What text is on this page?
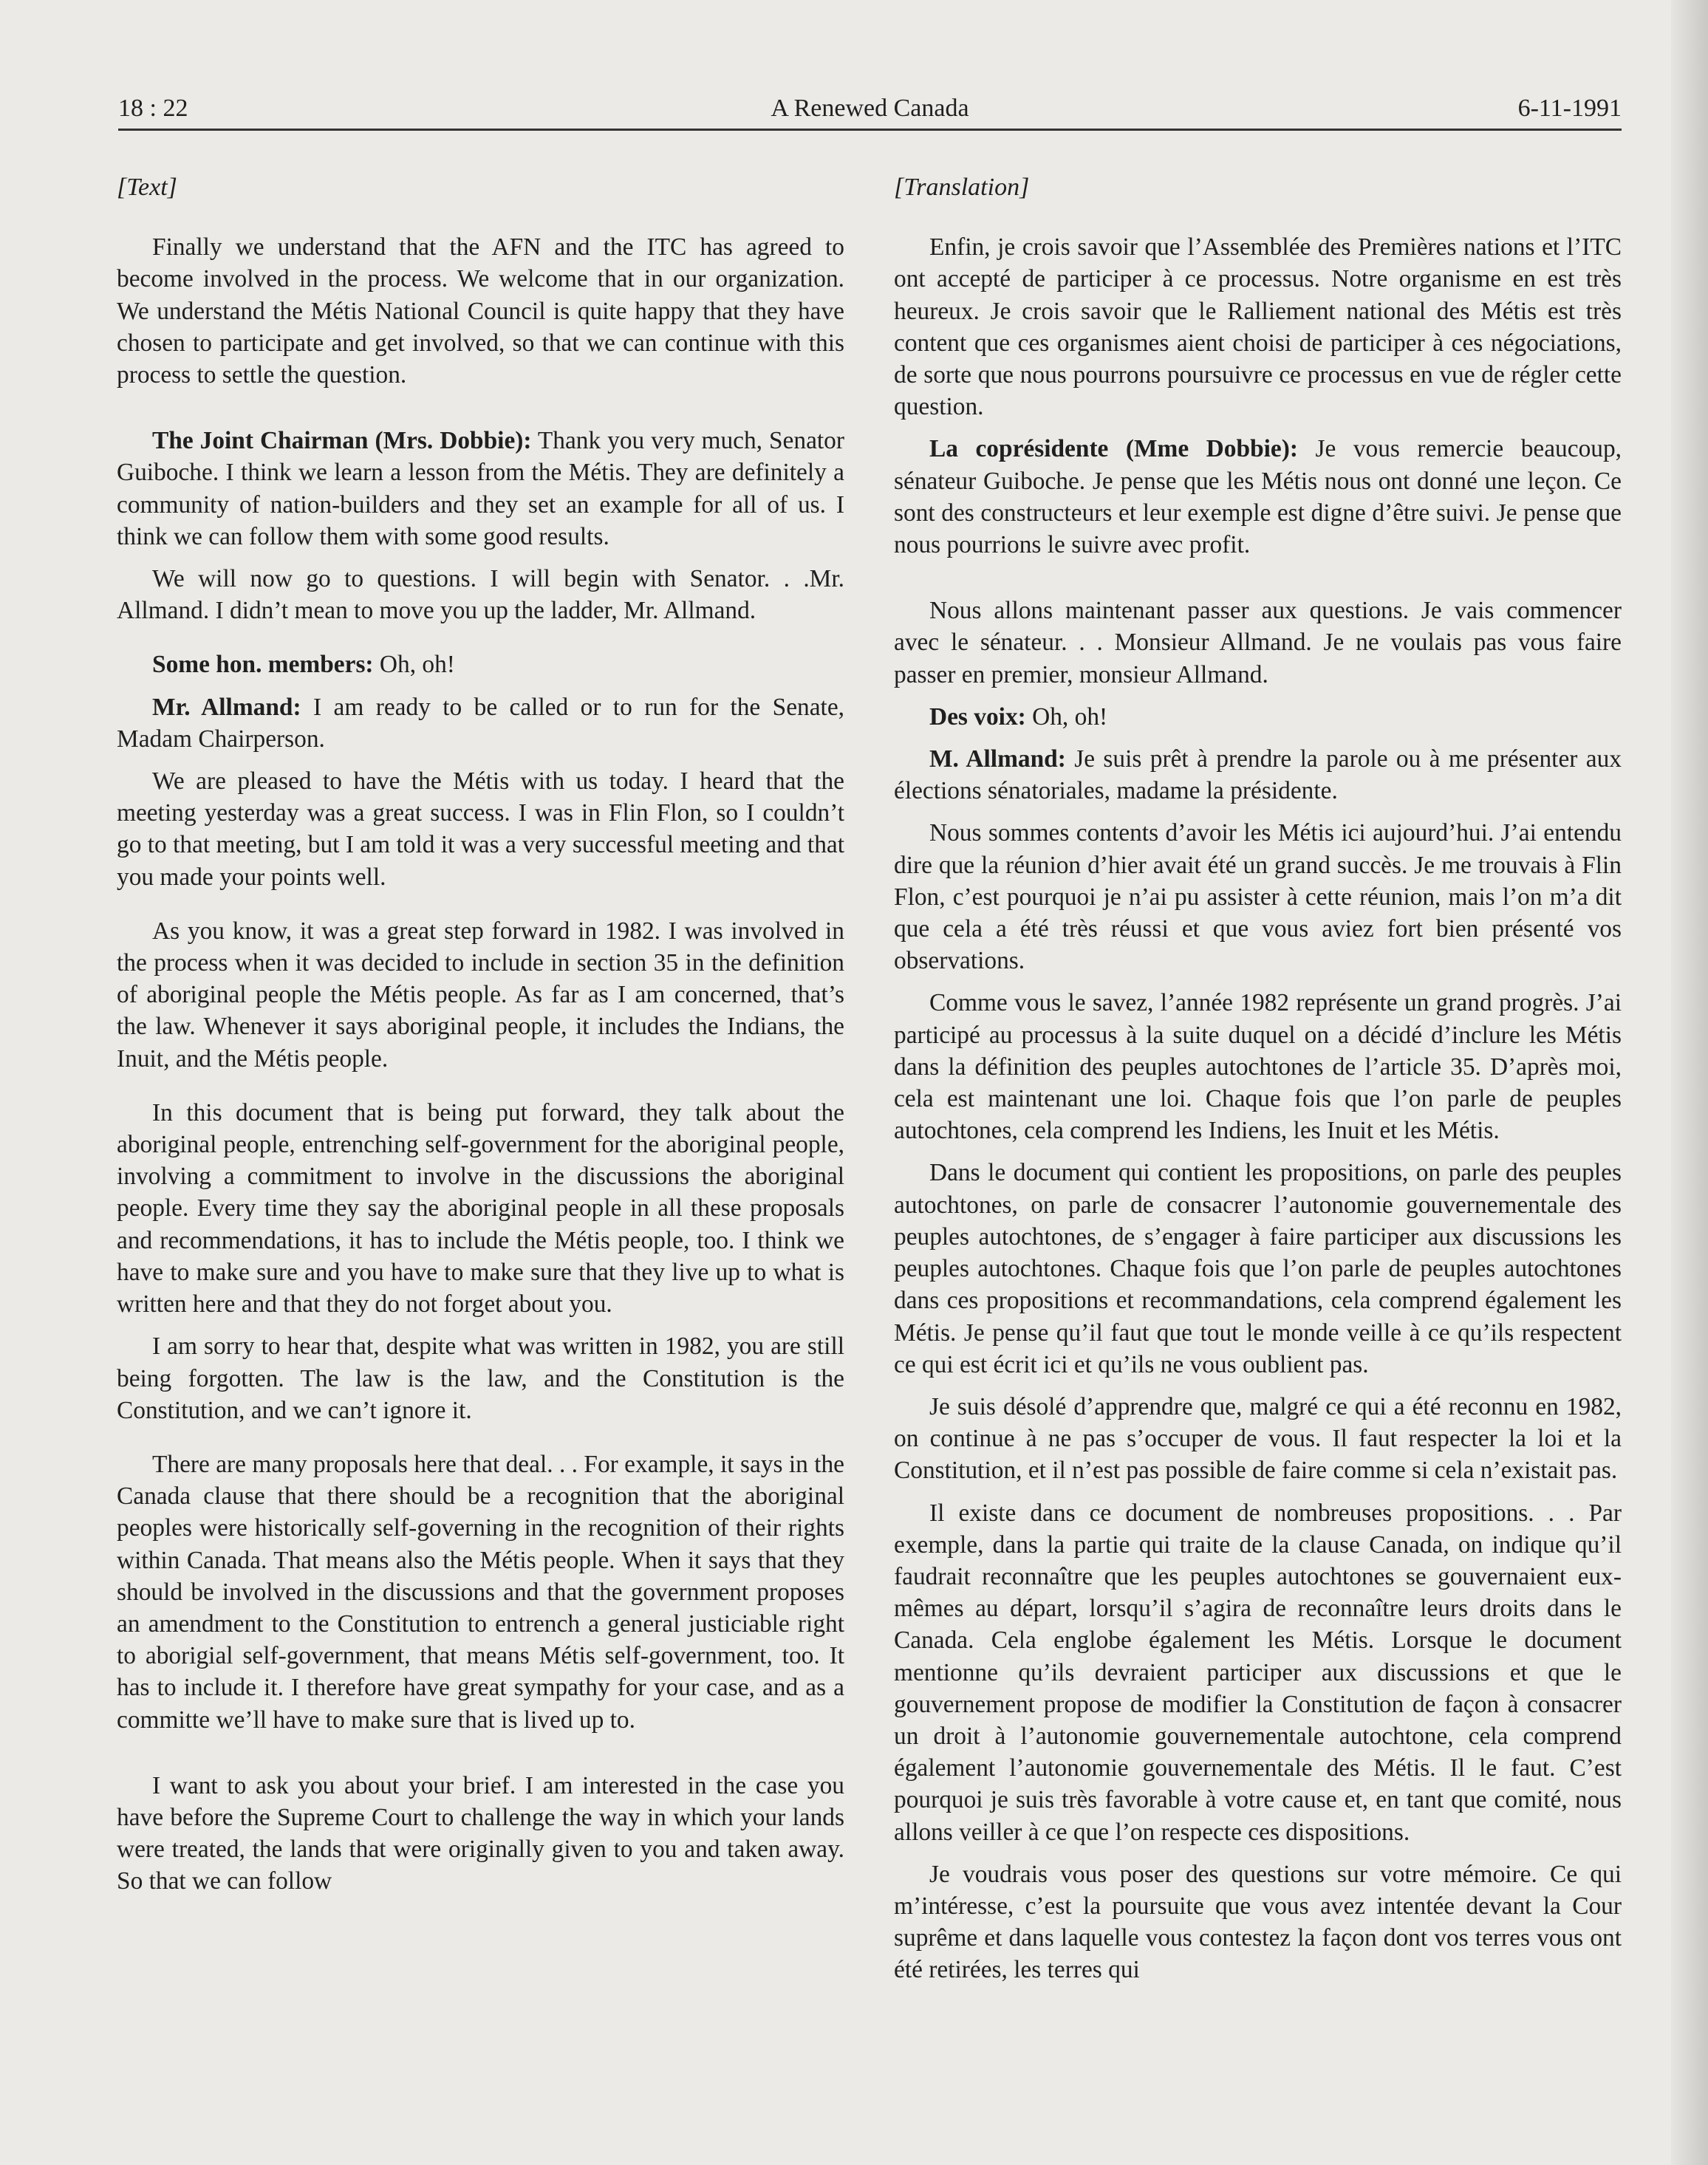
18 : 22	A Renewed Canada	6-11-1991
[Text]

Finally we understand that the AFN and the ITC has agreed to become involved in the process. We welcome that in our organization. We understand the Métis National Council is quite happy that they have chosen to participate and get involved, so that we can continue with this process to settle the question.

The Joint Chairman (Mrs. Dobbie): Thank you very much, Senator Guiboche. I think we learn a lesson from the Métis. They are definitely a community of nation-builders and they set an example for all of us. I think we can follow them with some good results.

We will now go to questions. I will begin with Senator. . .Mr. Allmand. I didn’t mean to move you up the ladder, Mr. Allmand.

Some hon. members: Oh, oh!

Mr. Allmand: I am ready to be called or to run for the Senate, Madam Chairperson.

We are pleased to have the Métis with us today. I heard that the meeting yesterday was a great success. I was in Flin Flon, so I couldn’t go to that meeting, but I am told it was a very successful meeting and that you made your points well.

As you know, it was a great step forward in 1982. I was involved in the process when it was decided to include in section 35 in the definition of aboriginal people the Métis people. As far as I am concerned, that’s the law. Whenever it says aboriginal people, it includes the Indians, the Inuit, and the Métis people.

In this document that is being put forward, they talk about the aboriginal people, entrenching self-government for the aboriginal people, involving a commitment to involve in the discussions the aboriginal people. Every time they say the aboriginal people in all these proposals and recommendations, it has to include the Métis people, too. I think we have to make sure and you have to make sure that they live up to what is written here and that they do not forget about you.

I am sorry to hear that, despite what was written in 1982, you are still being forgotten. The law is the law, and the Constitution is the Constitution, and we can’t ignore it.

There are many proposals here that deal. . . For example, it says in the Canada clause that there should be a recognition that the aboriginal peoples were historically self-governing in the recognition of their rights within Canada. That means also the Métis people. When it says that they should be involved in the discussions and that the government proposes an amendment to the Constitution to entrench a general justiciable right to aborigial self-government, that means Métis self-government, too. It has to include it. I therefore have great sympathy for your case, and as a committe we’ll have to make sure that is lived up to.

I want to ask you about your brief. I am interested in the case you have before the Supreme Court to challenge the way in which your lands were treated, the lands that were originally given to you and taken away. So that we can follow

[Translation]

Enfin, je crois savoir que l’Assemblée des Premières nations et l’ITC ont accepté de participer à ce processus. Notre organisme en est très heureux. Je crois savoir que le Ralliement national des Métis est très content que ces organismes aient choisi de participer à ces négociations, de sorte que nous pourrons poursuivre ce processus en vue de régler cette question.

La coprésidente (Mme Dobbie): Je vous remercie beaucoup, sénateur Guiboche. Je pense que les Métis nous ont donné une leçon. Ce sont des constructeurs et leur exemple est digne d’être suivi. Je pense que nous pourrions le suivre avec profit.

Nous allons maintenant passer aux questions. Je vais commencer avec le sénateur. . . Monsieur Allmand. Je ne voulais pas vous faire passer en premier, monsieur Allmand.

Des voix: Oh, oh!

M. Allmand: Je suis prêt à prendre la parole ou à me présenter aux élections sénatoriales, madame la présidente.

Nous sommes contents d’avoir les Métis ici aujourd’hui. J’ai entendu dire que la réunion d’hier avait été un grand succès. Je me trouvais à Flin Flon, c’est pourquoi je n’ai pu assister à cette réunion, mais l’on m’a dit que cela a été très réussi et que vous aviez fort bien présenté vos observations.

Comme vous le savez, l’année 1982 représente un grand progrès. J’ai participé au processus à la suite duquel on a décidé d’inclure les Métis dans la définition des peuples autochtones de l’article 35. D’après moi, cela est maintenant une loi. Chaque fois que l’on parle de peuples autochtones, cela comprend les Indiens, les Inuit et les Métis.

Dans le document qui contient les propositions, on parle des peuples autochtones, on parle de consacrer l’autonomie gouvernementale des peuples autochtones, de s’engager à faire participer aux discussions les peuples autochtones. Chaque fois que l’on parle de peuples autochtones dans ces propositions et recommandations, cela comprend également les Métis. Je pense qu’il faut que tout le monde veille à ce qu’ils respectent ce qui est écrit ici et qu’ils ne vous oublient pas.

Je suis désolé d’apprendre que, malgré ce qui a été reconnu en 1982, on continue à ne pas s’occuper de vous. Il faut respecter la loi et la Constitution, et il n’est pas possible de faire comme si cela n’existait pas.

Il existe dans ce document de nombreuses propositions. . . Par exemple, dans la partie qui traite de la clause Canada, on indique qu’il faudrait reconnaître que les peuples autochtones se gouvernaient eux-mêmes au départ, lorsqu’il s’agira de reconnaître leurs droits dans le Canada. Cela englobe également les Métis. Lorsque le document mentionne qu’ils devraient participer aux discussions et que le gouvernement propose de modifier la Constitution de façon à consacrer un droit à l’autonomie gouvernementale autochtone, cela comprend également l’autonomie gouvernementale des Métis. Il le faut. C’est pourquoi je suis très favorable à votre cause et, en tant que comité, nous allons veiller à ce que l’on respecte ces dispositions.

Je voudrais vous poser des questions sur votre mémoire. Ce qui m’intéresse, c’est la poursuite que vous avez intentée devant la Cour suprême et dans laquelle vous contestez la façon dont vos terres vous ont été retirées, les terres qui
